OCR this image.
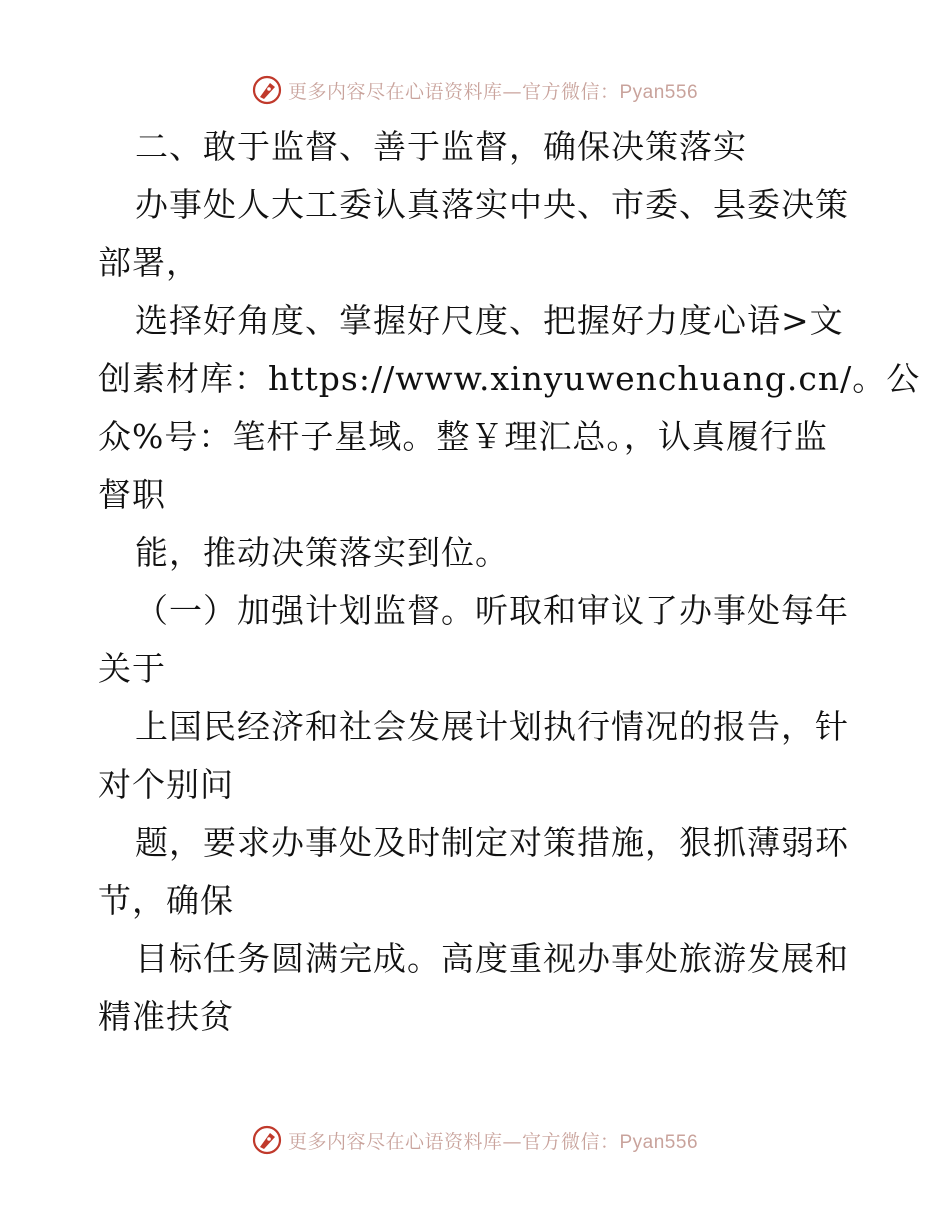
更多内容尽在心语资料库—官方微信：Pyan556
二、敢于监督、善于监督，确保决策落实
办事处人大工委认真落实中央、市委、县委决策
部署，
选择好角度、掌握好尺度、把握好力度心语>文
创素材库：https://www.xinyuwenchuang.cn/。公
众%号：笔杆子星域。整￥理汇总。，认真履行监
督职
能，推动决策落实到位。
（一）加强计划监督。听取和审议了办事处每年
关于
上国民经济和社会发展计划执行情况的报告，针
对个别问
题，要求办事处及时制定对策措施，狠抓薄弱环
节，确保
目标任务圆满完成。高度重视办事处旅游发展和
精准扶贫
更多内容尽在心语资料库—官方微信：Pyan556
